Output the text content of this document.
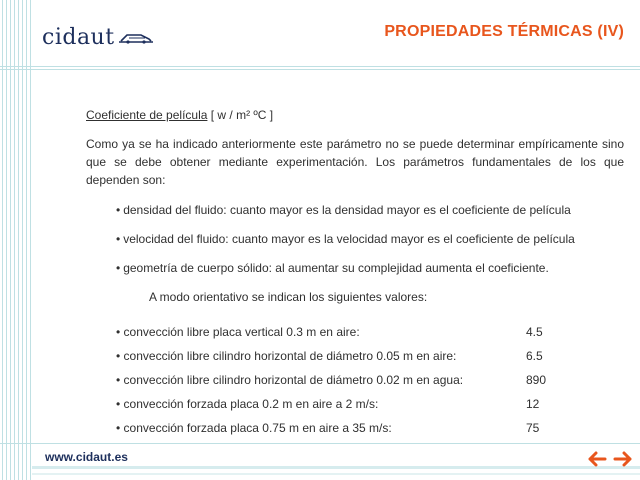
cidaut	PROPIEDADES TÉRMICAS (IV)
Coeficiente de película [ w / m² ºC ]
Como ya se ha indicado anteriormente este parámetro no se puede determinar empíricamente sino que se debe obtener mediante experimentación. Los parámetros fundamentales de los que dependen son:
• densidad del fluido: cuanto mayor es la densidad mayor es el coeficiente de película
• velocidad del fluido: cuanto mayor es la velocidad mayor es el coeficiente de película
• geometría de cuerpo sólido: al aumentar su complejidad aumenta el coeficiente.
A modo orientativo se indican los siguientes valores:
• convección libre placa vertical 0.3 m en aire:	4.5
• convección libre cilindro horizontal de diámetro 0.05 m en aire:	6.5
• convección libre cilindro horizontal de diámetro 0.02 m en agua:	890
• convección forzada placa 0.2 m en aire a 2 m/s:	12
• convección forzada placa 0.75 m en aire a 35 m/s:	75
www.cidaut.es
